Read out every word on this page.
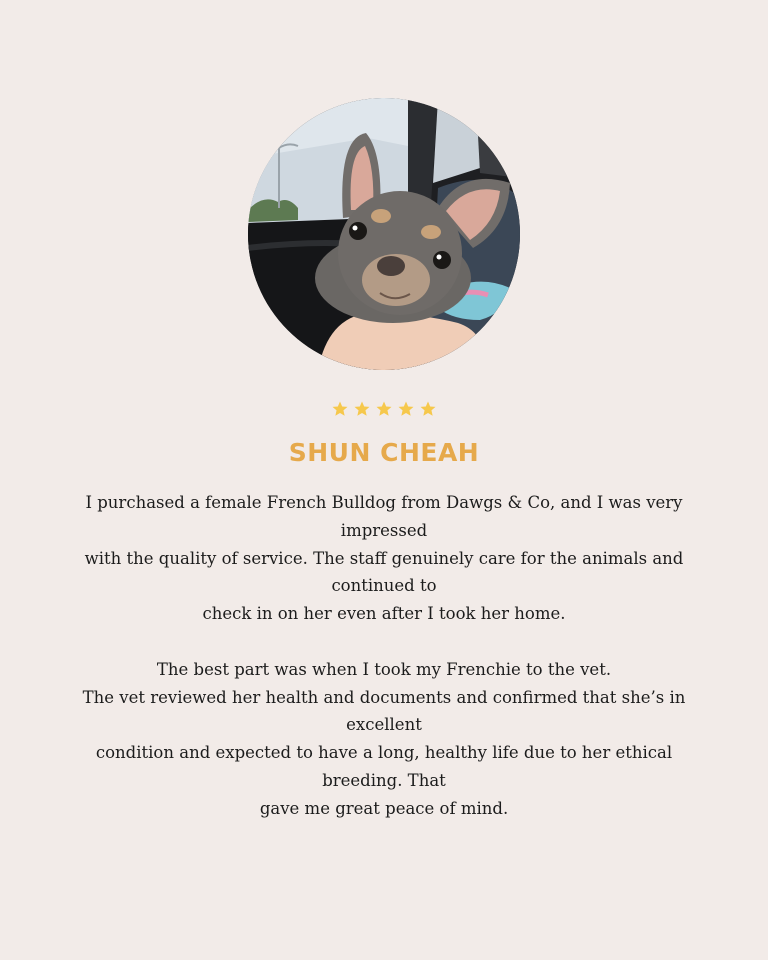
SHUN CHEAH

I purchased a female French Bulldog from Dawgs & Co, and I was very impressed
with the quality of service. The staff genuinely care for the animals and continued to
check in on her even after I took her home.

The best part was when I took my Frenchie to the vet.
The vet reviewed her health and documents and confirmed that she’s in excellent
condition and expected to have a long, healthy life due to her ethical breeding. That
gave me great peace of mind.
